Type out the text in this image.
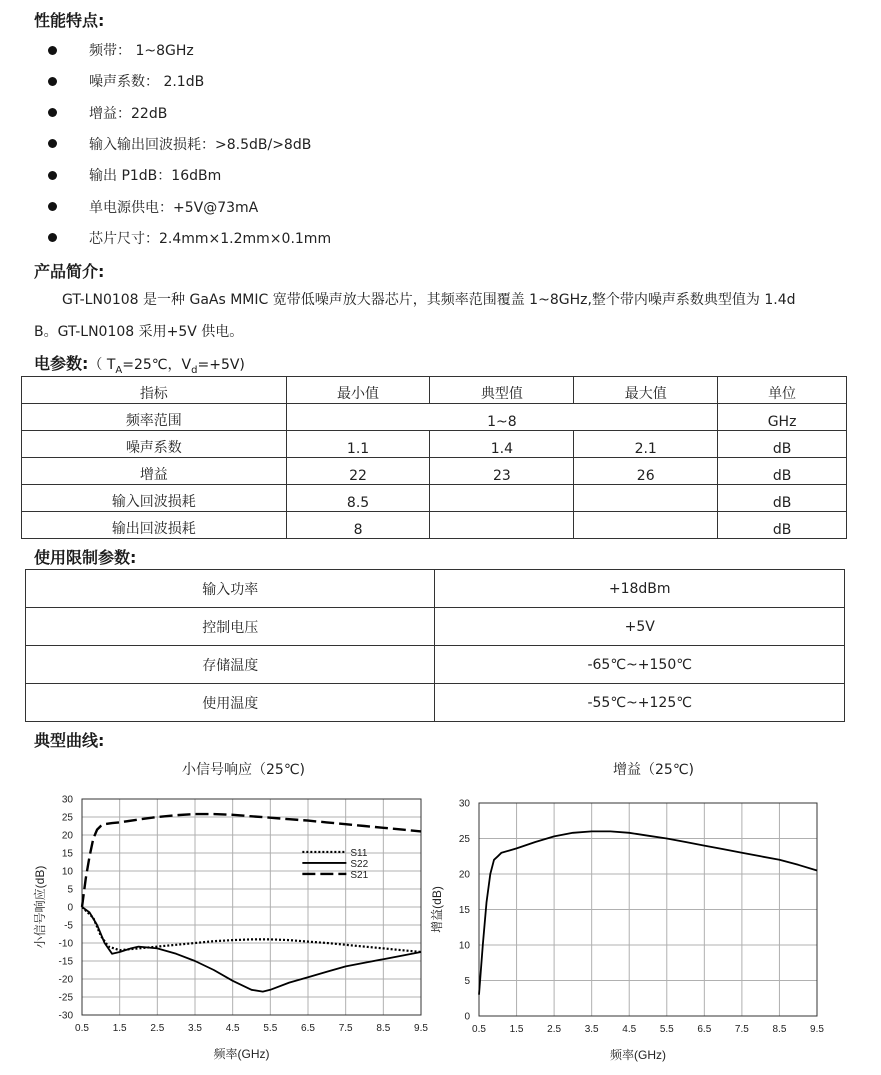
性能特点:
频带： 1~8GHz
噪声系数： 2.1dB
增益：22dB
输入输出回波损耗：>8.5dB/>8dB
输出 P1dB：16dBm
单电源供电：+5V@73mA
芯片尺寸：2.4mm×1.2mm×0.1mm
产品简介:
GT-LN0108 是一种 GaAs MMIC 宽带低噪声放大器芯片，其频率范围覆盖 1~8GHz,整个带内噪声系数典型值为 1.4d
B。GT-LN0108 采用+5V 供电。
电参数:（ $T_A=25℃$，$V_d=+5V$)
指标	最小值	典型值	最大值	单位
频率范围	1~8			GHz
噪声系数	1.1	1.4	2.1	dB
增益	22	23	26	dB
输入回波损耗	8.5			dB
输出回波损耗	8			dB
使用限制参数:
输入功率	+18dBm
控制电压	+5V
存储温度	-65℃~+150℃
使用温度	-55℃~+125℃
典型曲线:
小信号响应（25℃)	增益（25℃)
0.5 1.5 2.5 3.5 4.5 5.5 6.5 7.5 8.5 9.5
30
25
20
15
10
5
0
-5
-10
-15
-20
-25
-30
频率(GHz)
小信号响应(dB)
S11
S22
S21
0.5 1.5 2.5 3.5 4.5 5.5 6.5 7.5 8.5 9.5
30
25
20
15
10
5
0
频率(GHz)
增益(dB)
